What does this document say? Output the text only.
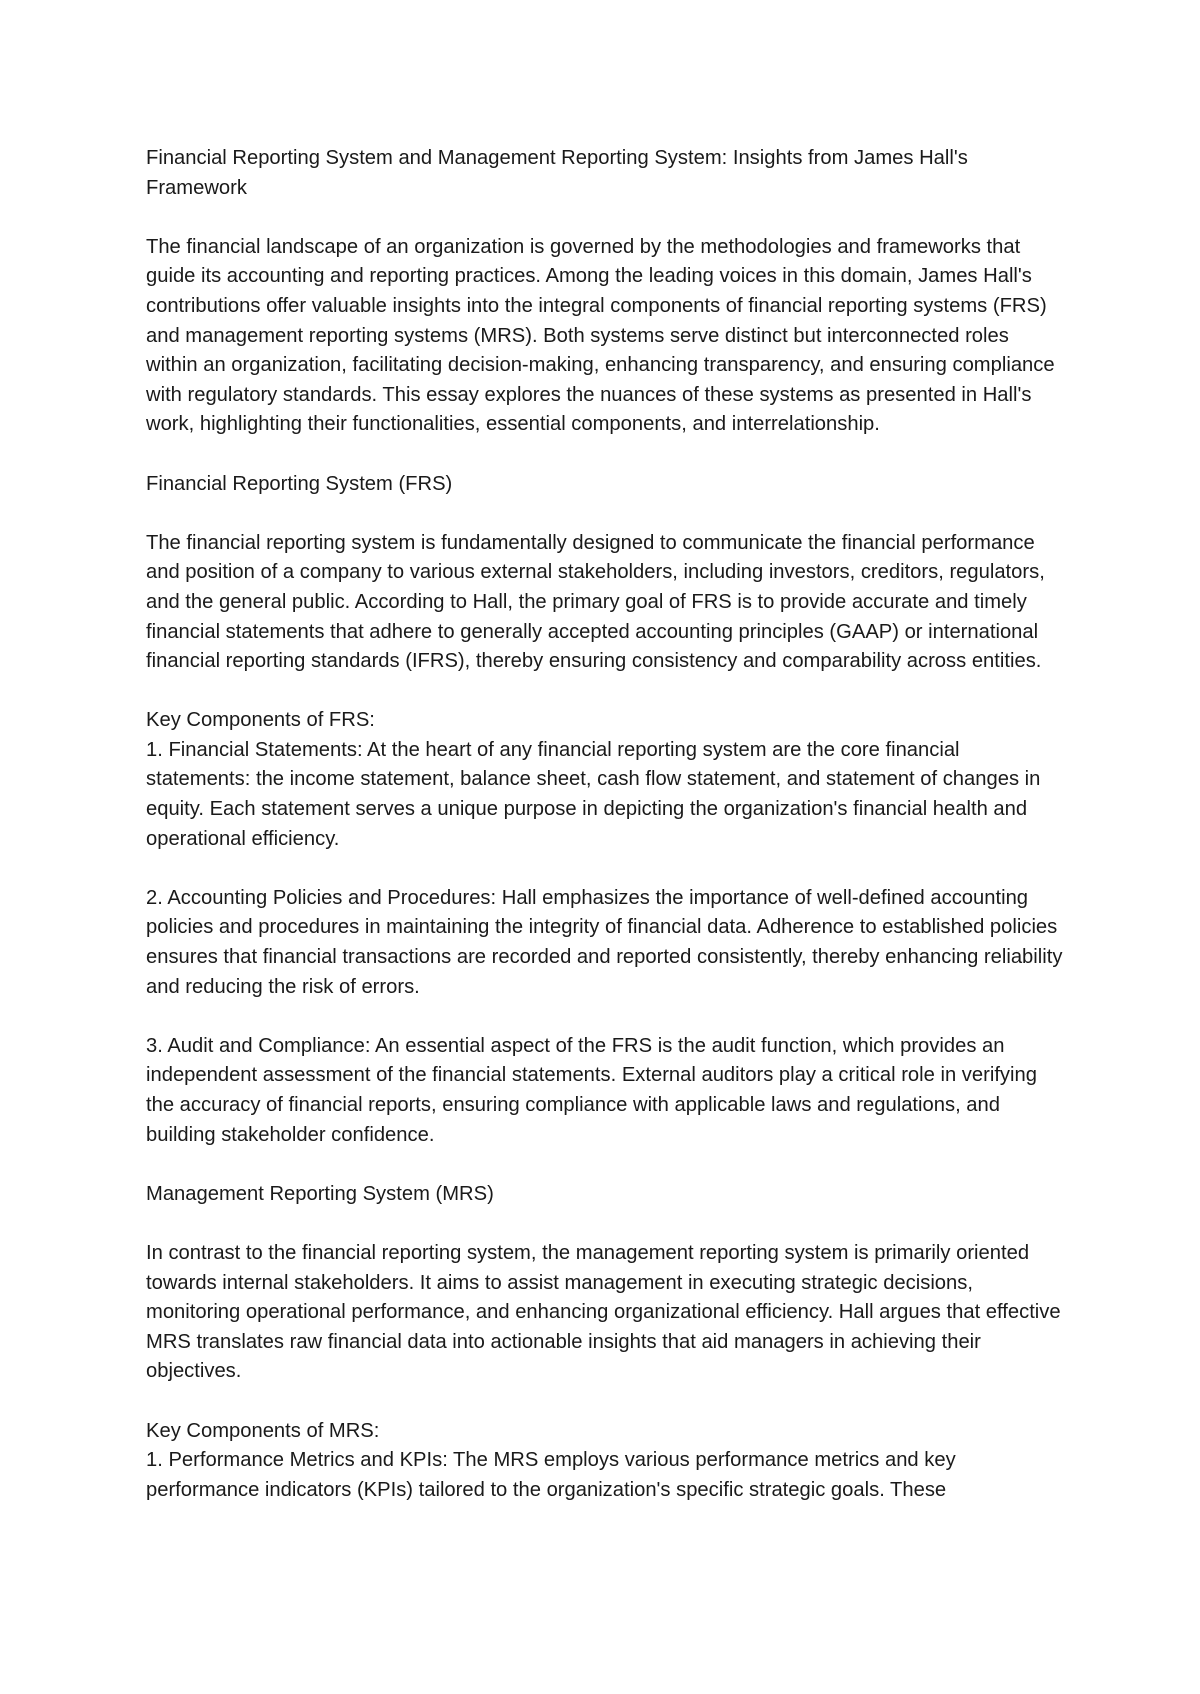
Financial Reporting System and Management Reporting System: Insights from James Hall's Framework

The financial landscape of an organization is governed by the methodologies and frameworks that guide its accounting and reporting practices. Among the leading voices in this domain, James Hall's contributions offer valuable insights into the integral components of financial reporting systems (FRS) and management reporting systems (MRS). Both systems serve distinct but interconnected roles within an organization, facilitating decision-making, enhancing transparency, and ensuring compliance with regulatory standards. This essay explores the nuances of these systems as presented in Hall's work, highlighting their functionalities, essential components, and interrelationship.

Financial Reporting System (FRS)

The financial reporting system is fundamentally designed to communicate the financial performance and position of a company to various external stakeholders, including investors, creditors, regulators, and the general public. According to Hall, the primary goal of FRS is to provide accurate and timely financial statements that adhere to generally accepted accounting principles (GAAP) or international financial reporting standards (IFRS), thereby ensuring consistency and comparability across entities.

Key Components of FRS:

1. Financial Statements: At the heart of any financial reporting system are the core financial statements: the income statement, balance sheet, cash flow statement, and statement of changes in equity. Each statement serves a unique purpose in depicting the organization's financial health and operational efficiency.

2. Accounting Policies and Procedures: Hall emphasizes the importance of well-defined accounting policies and procedures in maintaining the integrity of financial data. Adherence to established policies ensures that financial transactions are recorded and reported consistently, thereby enhancing reliability and reducing the risk of errors.

3. Audit and Compliance: An essential aspect of the FRS is the audit function, which provides an independent assessment of the financial statements. External auditors play a critical role in verifying the accuracy of financial reports, ensuring compliance with applicable laws and regulations, and building stakeholder confidence.

Management Reporting System (MRS)

In contrast to the financial reporting system, the management reporting system is primarily oriented towards internal stakeholders. It aims to assist management in executing strategic decisions, monitoring operational performance, and enhancing organizational efficiency. Hall argues that effective MRS translates raw financial data into actionable insights that aid managers in achieving their objectives.

Key Components of MRS:

1. Performance Metrics and KPIs: The MRS employs various performance metrics and key performance indicators (KPIs) tailored to the organization's specific strategic goals. These
